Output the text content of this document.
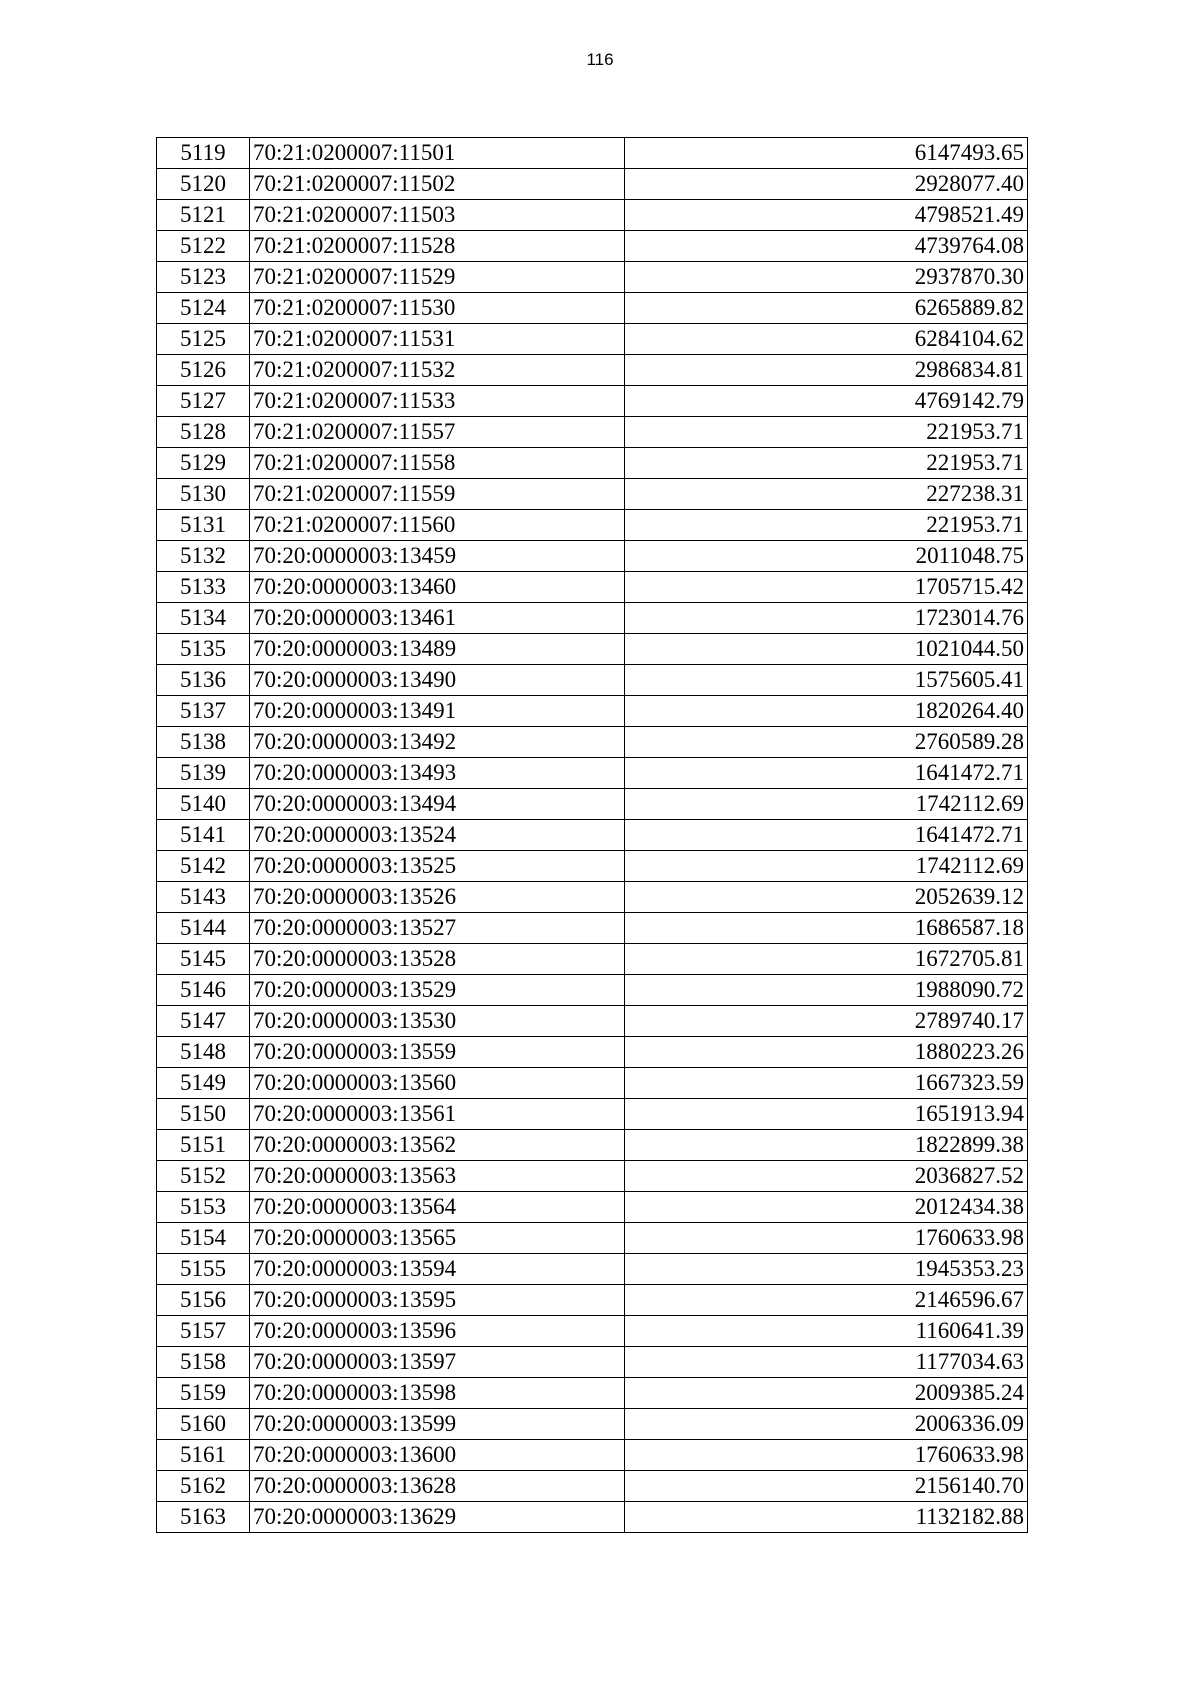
116
5119	70:21:0200007:11501	6147493.65
5120	70:21:0200007:11502	2928077.40
5121	70:21:0200007:11503	4798521.49
5122	70:21:0200007:11528	4739764.08
5123	70:21:0200007:11529	2937870.30
5124	70:21:0200007:11530	6265889.82
5125	70:21:0200007:11531	6284104.62
5126	70:21:0200007:11532	2986834.81
5127	70:21:0200007:11533	4769142.79
5128	70:21:0200007:11557	221953.71
5129	70:21:0200007:11558	221953.71
5130	70:21:0200007:11559	227238.31
5131	70:21:0200007:11560	221953.71
5132	70:20:0000003:13459	2011048.75
5133	70:20:0000003:13460	1705715.42
5134	70:20:0000003:13461	1723014.76
5135	70:20:0000003:13489	1021044.50
5136	70:20:0000003:13490	1575605.41
5137	70:20:0000003:13491	1820264.40
5138	70:20:0000003:13492	2760589.28
5139	70:20:0000003:13493	1641472.71
5140	70:20:0000003:13494	1742112.69
5141	70:20:0000003:13524	1641472.71
5142	70:20:0000003:13525	1742112.69
5143	70:20:0000003:13526	2052639.12
5144	70:20:0000003:13527	1686587.18
5145	70:20:0000003:13528	1672705.81
5146	70:20:0000003:13529	1988090.72
5147	70:20:0000003:13530	2789740.17
5148	70:20:0000003:13559	1880223.26
5149	70:20:0000003:13560	1667323.59
5150	70:20:0000003:13561	1651913.94
5151	70:20:0000003:13562	1822899.38
5152	70:20:0000003:13563	2036827.52
5153	70:20:0000003:13564	2012434.38
5154	70:20:0000003:13565	1760633.98
5155	70:20:0000003:13594	1945353.23
5156	70:20:0000003:13595	2146596.67
5157	70:20:0000003:13596	1160641.39
5158	70:20:0000003:13597	1177034.63
5159	70:20:0000003:13598	2009385.24
5160	70:20:0000003:13599	2006336.09
5161	70:20:0000003:13600	1760633.98
5162	70:20:0000003:13628	2156140.70
5163	70:20:0000003:13629	1132182.88
